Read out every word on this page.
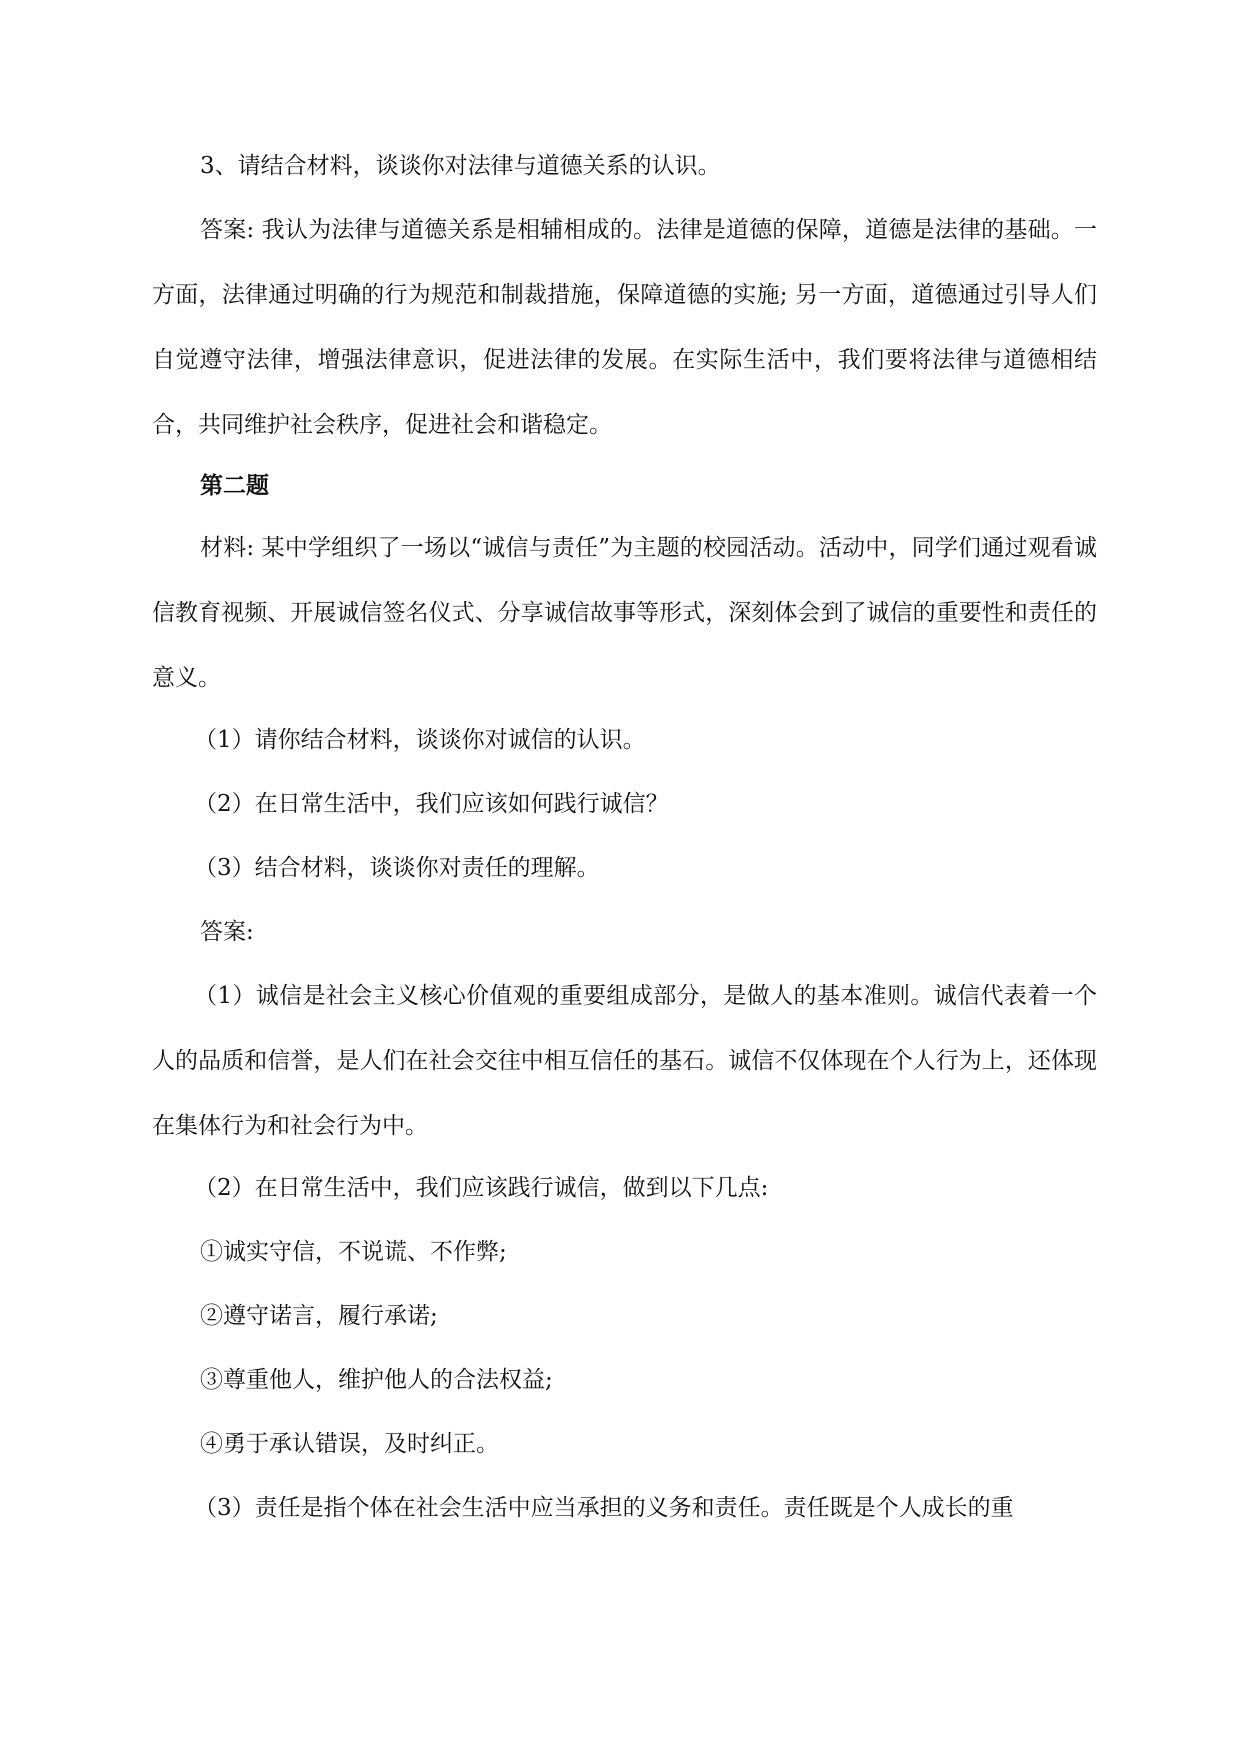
3、请结合材料，谈谈你对法律与道德关系的认识。

答案: 我认为法律与道德关系是相辅相成的。法律是道德的保障，道德是法律的基础。一方面，法律通过明确的行为规范和制裁措施，保障道德的实施; 另一方面，道德通过引导人们自觉遵守法律，增强法律意识，促进法律的发展。在实际生活中，我们要将法律与道德相结合，共同维护社会秩序，促进社会和谐稳定。

第二题

材料: 某中学组织了一场以“诚信与责任”为主题的校园活动。活动中，同学们通过观看诚信教育视频、开展诚信签名仪式、分享诚信故事等形式，深刻体会到了诚信的重要性和责任的意义。

（1）请你结合材料，谈谈你对诚信的认识。

（2）在日常生活中，我们应该如何践行诚信？

（3）结合材料，谈谈你对责任的理解。

答案:

（1）诚信是社会主义核心价值观的重要组成部分，是做人的基本准则。诚信代表着一个人的品质和信誉，是人们在社会交往中相互信任的基石。诚信不仅体现在个人行为上，还体现在集体行为和社会行为中。

（2）在日常生活中，我们应该践行诚信，做到以下几点:

①诚实守信，不说谎、不作弊;

②遵守诺言，履行承诺;

③尊重他人，维护他人的合法权益;

④勇于承认错误，及时纠正。

（3）责任是指个体在社会生活中应当承担的义务和责任。责任既是个人成长的重
